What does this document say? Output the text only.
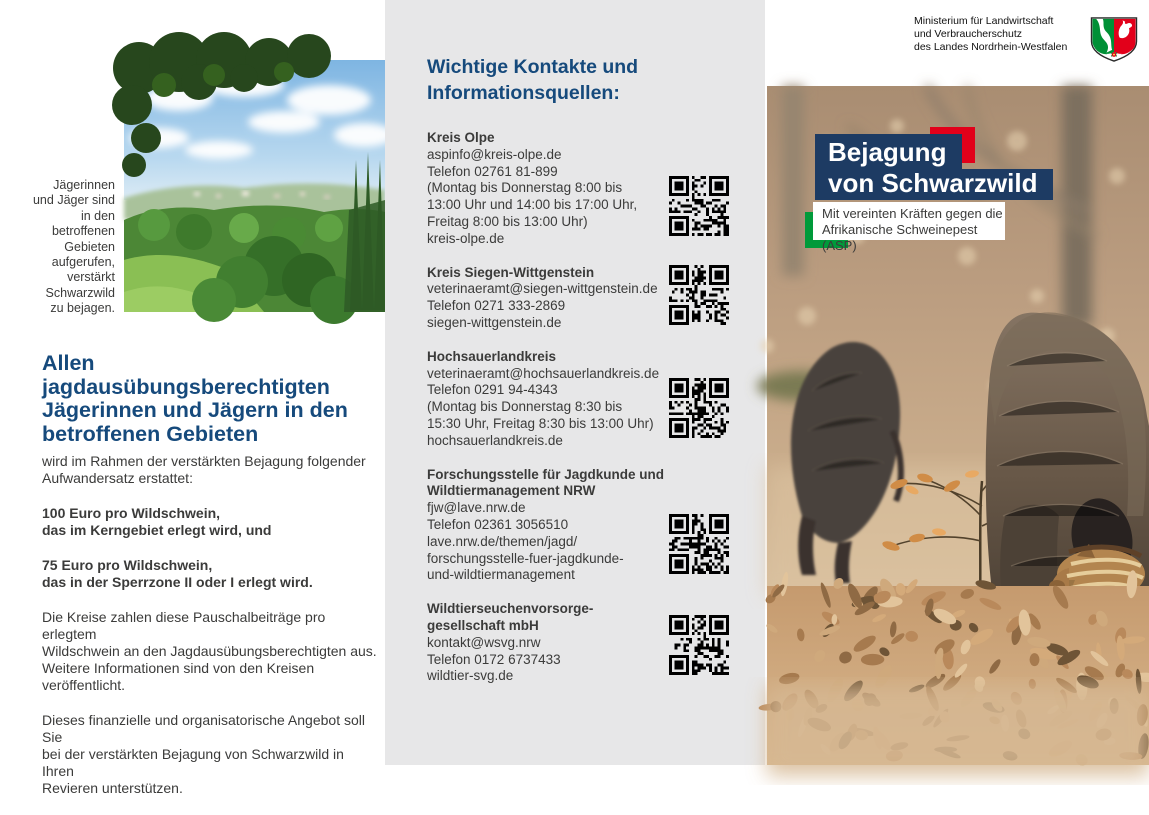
Jägerinnen
und Jäger sind
in den
betroffenen
Gebieten
aufgerufen,
verstärkt
Schwarzwild
zu bejagen.
Allen jagdausübungsberechtigten
Jägerinnen und Jägern in den
betroffenen Gebieten

wird im Rahmen der verstärkten Bejagung folgender
Aufwandersatz erstattet:

100 Euro pro Wildschwein,
das im Kerngebiet erlegt wird, und

75 Euro pro Wildschwein,
das in der Sperrzone II oder I erlegt wird.

Die Kreise zahlen diese Pauschalbeiträge pro erlegtem
Wildschwein an den Jagdausübungsberechtigten aus.
Weitere Informationen sind von den Kreisen
veröffentlicht.

Dieses finanzielle und organisatorische Angebot soll Sie
bei der verstärkten Bejagung von Schwarzwild in Ihren
Revieren unterstützen.

Wichtige Kontakte und
Informationsquellen:
Kreis Olpe
aspinfo@kreis-olpe.de
Telefon 02761 81-899
(Montag bis Donnerstag 8:00 bis
13:00 Uhr und 14:00 bis 17:00 Uhr,
Freitag 8:00 bis 13:00 Uhr)
kreis-olpe.de
Kreis Siegen-Wittgenstein
veterinaeramt@siegen-wittgenstein.de
Telefon 0271 333-2869
siegen-wittgenstein.de
Hochsauerlandkreis
veterinaeramt@hochsauerlandkreis.de
Telefon 0291 94-4343
(Montag bis Donnerstag 8:30 bis
15:30 Uhr, Freitag 8:30 bis 13:00 Uhr)
hochsauerlandkreis.de
Forschungsstelle für Jagdkunde und
Wildtiermanagement NRW
fjw@lave.nrw.de
Telefon 02361 3056510
lave.nrw.de/themen/jagd/
forschungsstelle-fuer-jagdkunde-
und-wildtiermanagement
Wildtierseuchenvorsorge-
gesellschaft mbH
kontakt@wsvg.nrw
Telefon 0172 6737433
wildtier-svg.de
Ministerium für Landwirtschaft
und Verbraucherschutz
des Landes Nordrhein-Westfalen
Bejagung
von Schwarzwild
Mit vereinten Kräften gegen die
Afrikanische Schweinepest (ASP)
